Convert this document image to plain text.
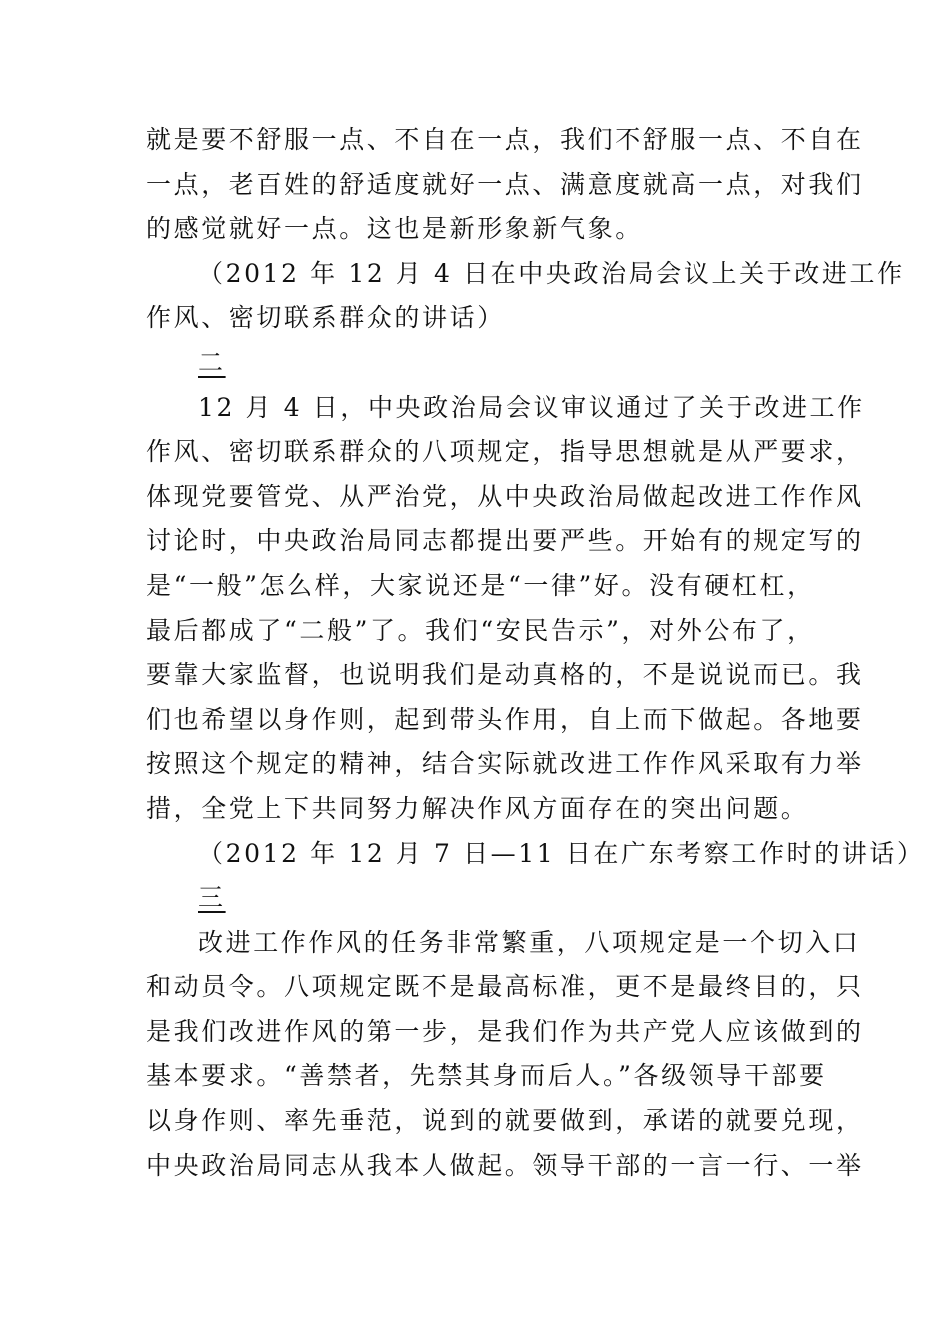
就是要不舒服一点、不自在一点，我们不舒服一点、不自在
一点，老百姓的舒适度就好一点、满意度就高一点，对我们
的感觉就好一点。这也是新形象新气象。
（2012 年 12 月 4 日在中央政治局会议上关于改进工作
作风、密切联系群众的讲话）
二
12 月 4 日，中央政治局会议审议通过了关于改进工作
作风、密切联系群众的八项规定，指导思想就是从严要求，
体现党要管党、从严治党，从中央政治局做起改进工作作风
讨论时，中央政治局同志都提出要严些。开始有的规定写的
是“一般”怎么样，大家说还是“一律”好。没有硬杠杠，
最后都成了“二般”了。我们“安民告示”，对外公布了，
要靠大家监督，也说明我们是动真格的，不是说说而已。我
们也希望以身作则，起到带头作用，自上而下做起。各地要
按照这个规定的精神，结合实际就改进工作作风采取有力举
措，全党上下共同努力解决作风方面存在的突出问题。
（2012 年 12 月 7 日—11 日在广东考察工作时的讲话）
三
改进工作作风的任务非常繁重，八项规定是一个切入口
和动员令。八项规定既不是最高标准，更不是最终目的，只
是我们改进作风的第一步，是我们作为共产党人应该做到的
基本要求。“善禁者，先禁其身而后人。”各级领导干部要
以身作则、率先垂范，说到的就要做到，承诺的就要兑现，
中央政治局同志从我本人做起。领导干部的一言一行、一举
